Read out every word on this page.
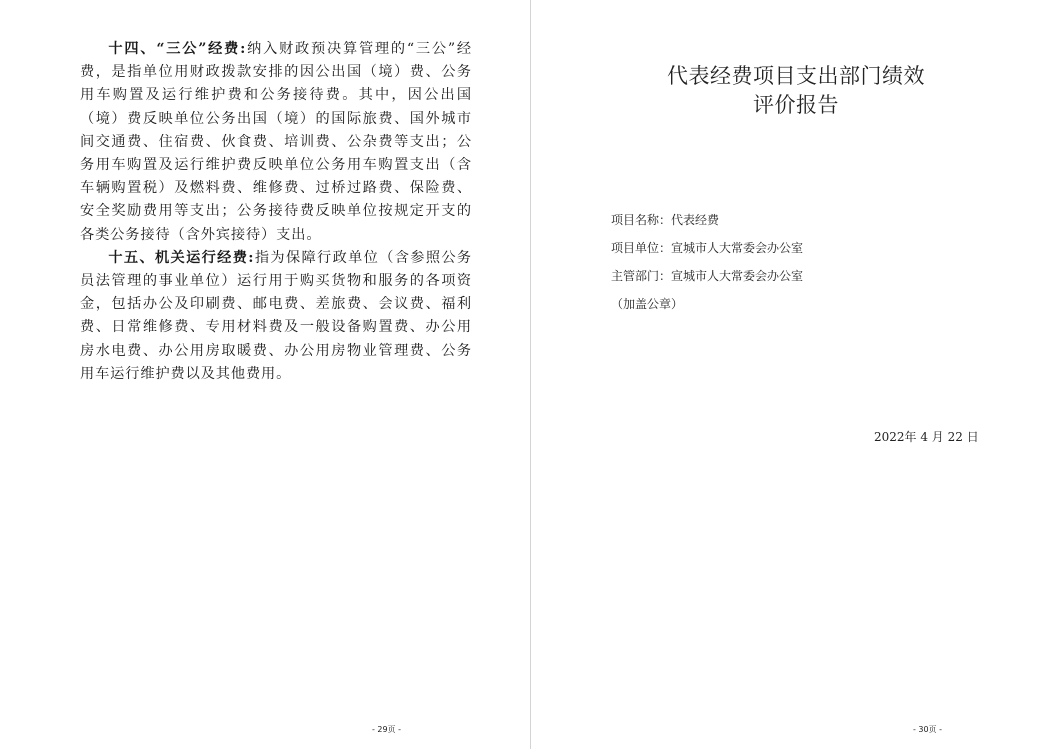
十四、“三公”经费:纳入财政预决算管理的“三公”经费，是指单位用财政拨款安排的因公出国（境）费、公务用车购置及运行维护费和公务接待费。其中，因公出国（境）费反映单位公务出国（境）的国际旅费、国外城市间交通费、住宿费、伙食费、培训费、公杂费等支出；公务用车购置及运行维护费反映单位公务用车购置支出（含车辆购置税）及燃料费、维修费、过桥过路费、保险费、安全奖励费用等支出；公务接待费反映单位按规定开支的各类公务接待（含外宾接待）支出。

十五、机关运行经费:指为保障行政单位（含参照公务员法管理的事业单位）运行用于购买货物和服务的各项资金，包括办公及印刷费、邮电费、差旅费、会议费、福利费、日常维修费、专用材料费及一般设备购置费、办公用房水电费、办公用房取暖费、办公用房物业管理费、公务用车运行维护费以及其他费用。

- 29页 -
代表经费项目支出部门绩效
评价报告
项目名称：代表经费
项目单位：宣城市人大常委会办公室
主管部门：宣城市人大常委会办公室
（加盖公章）
2022年 4 月 22 日
- 30页 -
